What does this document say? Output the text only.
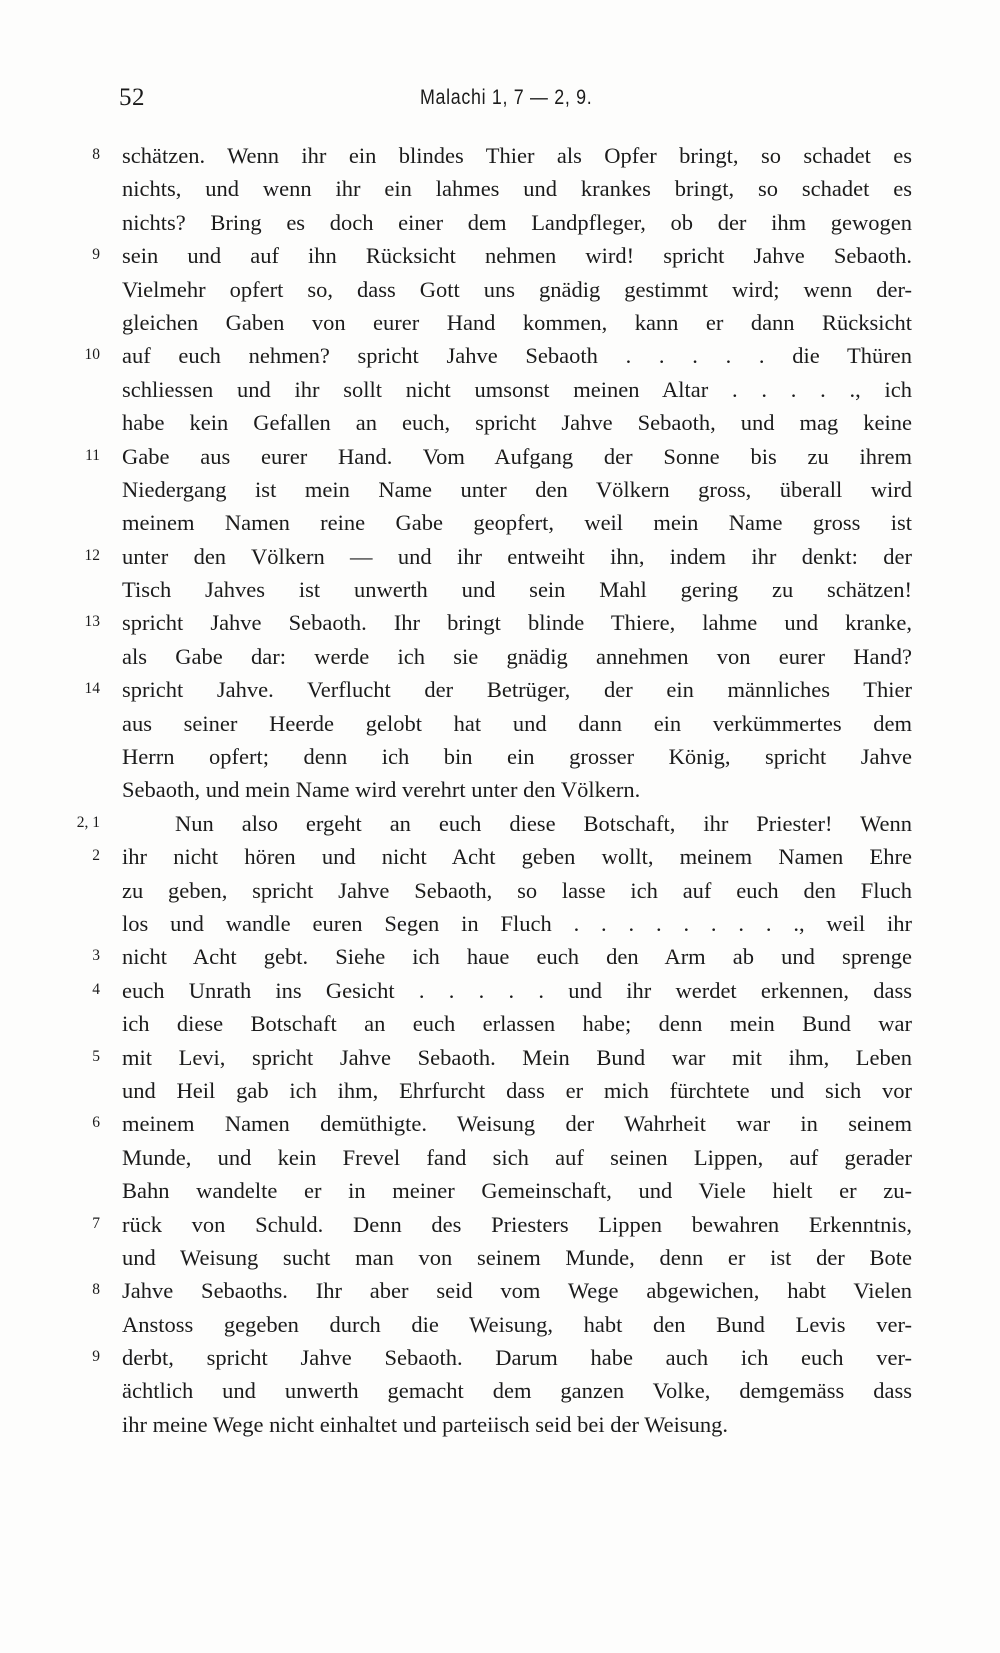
52	Malachi 1, 7 — 2, 9.
8 schätzen. Wenn ihr ein blindes Thier als Opfer bringt, so schadet es
nichts, und wenn ihr ein lahmes und krankes bringt, so schadet es
nichts? Bring es doch einer dem Landpfleger, ob der ihm gewogen
9 sein und auf ihn Rücksicht nehmen wird! spricht Jahve Sebaoth.
Vielmehr opfert so, dass Gott uns gnädig gestimmt wird; wenn der-
gleichen Gaben von eurer Hand kommen, kann er dann Rücksicht
10 auf euch nehmen? spricht Jahve Sebaoth . . . . . die Thüren
schliessen und ihr sollt nicht umsonst meinen Altar . . . . ., ich
habe kein Gefallen an euch, spricht Jahve Sebaoth, und mag keine
11 Gabe aus eurer Hand. Vom Aufgang der Sonne bis zu ihrem
Niedergang ist mein Name unter den Völkern gross, überall wird
meinem Namen reine Gabe geopfert, weil mein Name gross ist
12 unter den Völkern — und ihr entweiht ihn, indem ihr denkt: der
Tisch Jahves ist unwerth und sein Mahl gering zu schätzen!
13 spricht Jahve Sebaoth. Ihr bringt blinde Thiere, lahme und kranke,
als Gabe dar: werde ich sie gnädig annehmen von eurer Hand?
14 spricht Jahve. Verflucht der Betrüger, der ein männliches Thier
aus seiner Heerde gelobt hat und dann ein verkümmertes dem
Herrn opfert; denn ich bin ein grosser König, spricht Jahve
Sebaoth, und mein Name wird verehrt unter den Völkern.
2, 1	Nun also ergeht an euch diese Botschaft, ihr Priester! Wenn
2 ihr nicht hören und nicht Acht geben wollt, meinem Namen Ehre
zu geben, spricht Jahve Sebaoth, so lasse ich auf euch den Fluch
los und wandle euren Segen in Fluch . . . . . . . . ., weil ihr
3 nicht Acht gebt. Siehe ich haue euch den Arm ab und sprenge
4 euch Unrath ins Gesicht . . . . . und ihr werdet erkennen, dass
ich diese Botschaft an euch erlassen habe; denn mein Bund war
5 mit Levi, spricht Jahve Sebaoth. Mein Bund war mit ihm, Leben
und Heil gab ich ihm, Ehrfurcht dass er mich fürchtete und sich vor
6 meinem Namen demüthigte. Weisung der Wahrheit war in seinem
Munde, und kein Frevel fand sich auf seinen Lippen, auf gerader
Bahn wandelte er in meiner Gemeinschaft, und Viele hielt er zu-
7 rück von Schuld. Denn des Priesters Lippen bewahren Erkenntnis,
und Weisung sucht man von seinem Munde, denn er ist der Bote
8 Jahve Sebaoths. Ihr aber seid vom Wege abgewichen, habt Vielen
Anstoss gegeben durch die Weisung, habt den Bund Levis ver-
9 derbt, spricht Jahve Sebaoth. Darum habe auch ich euch ver-
ächtlich und unwerth gemacht dem ganzen Volke, demgemäss dass
ihr meine Wege nicht einhaltet und parteiisch seid bei der Weisung.
